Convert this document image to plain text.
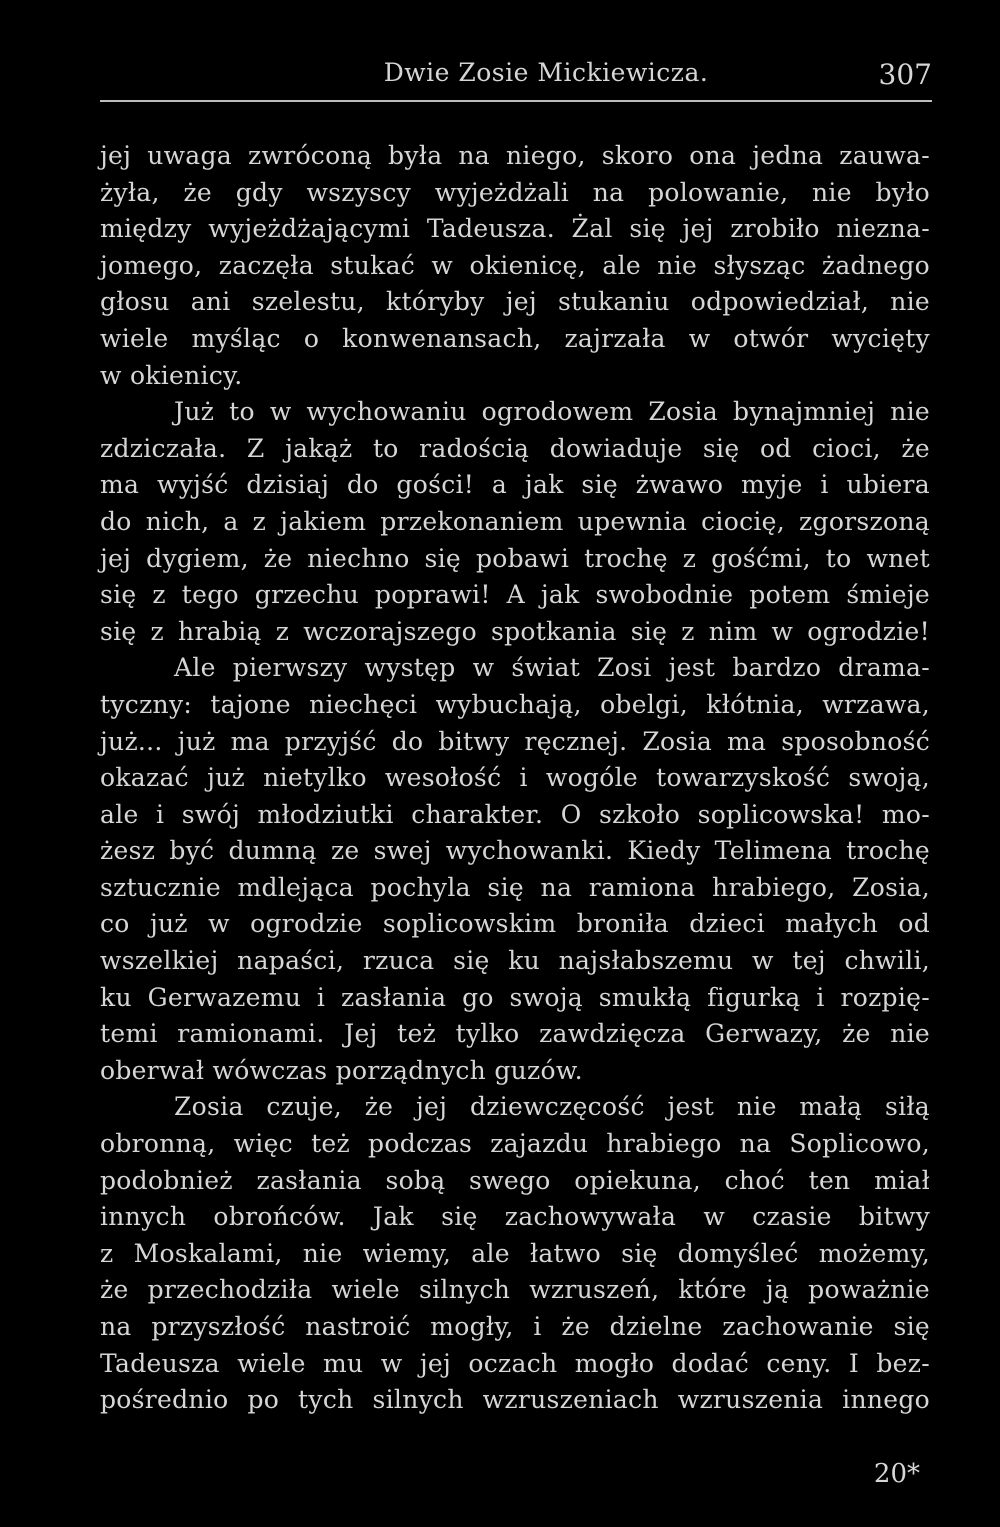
Dwie Zosie Mickiewicza.	307
jej uwaga zwróconą była na niego, skoro ona jedna zauwa-
żyła, że gdy wszyscy wyjeżdżali na polowanie, nie było
między wyjeżdżającymi Tadeusza. Żal się jej zrobiło niezna-
jomego, zaczęła stukać w okienicę, ale nie słysząc żadnego
głosu ani szelestu, któryby jej stukaniu odpowiedział, nie
wiele myśląc o konwenansach, zajrzała w otwór wycięty
w okienicy.
Już to w wychowaniu ogrodowem Zosia bynajmniej nie
zdziczała. Z jakąż to radością dowiaduje się od cioci, że
ma wyjść dzisiaj do gości! a jak się żwawo myje i ubiera
do nich, a z jakiem przekonaniem upewnia ciocię, zgorszoną
jej dygiem, że niechno się pobawi trochę z gośćmi, to wnet
się z tego grzechu poprawi! A jak swobodnie potem śmieje
się z hrabią z wczorajszego spotkania się z nim w ogrodzie!
Ale pierwszy występ w świat Zosi jest bardzo drama-
tyczny: tajone niechęci wybuchają, obelgi, kłótnia, wrzawa,
już... już ma przyjść do bitwy ręcznej. Zosia ma sposobność
okazać już nietylko wesołość i wogóle towarzyskość swoją,
ale i swój młodziutki charakter. O szkoło soplicowska! mo-
żesz być dumną ze swej wychowanki. Kiedy Telimena trochę
sztucznie mdlejąca pochyla się na ramiona hrabiego, Zosia,
co już w ogrodzie soplicowskim broniła dzieci małych od
wszelkiej napaści, rzuca się ku najsłabszemu w tej chwili,
ku Gerwazemu i zasłania go swoją smukłą figurką i rozpię-
temi ramionami. Jej też tylko zawdzięcza Gerwazy, że nie
oberwał wówczas porządnych guzów.
Zosia czuje, że jej dziewczęcość jest nie małą siłą
obronną, więc też podczas zajazdu hrabiego na Soplicowo,
podobnież zasłania sobą swego opiekuna, choć ten miał
innych obrońców. Jak się zachowywała w czasie bitwy
z Moskalami, nie wiemy, ale łatwo się domyśleć możemy,
że przechodziła wiele silnych wzruszeń, które ją poważnie
na przyszłość nastroić mogły, i że dzielne zachowanie się
Tadeusza wiele mu w jej oczach mogło dodać ceny. I bez-
pośrednio po tych silnych wzruszeniach wzruszenia innego
20*
